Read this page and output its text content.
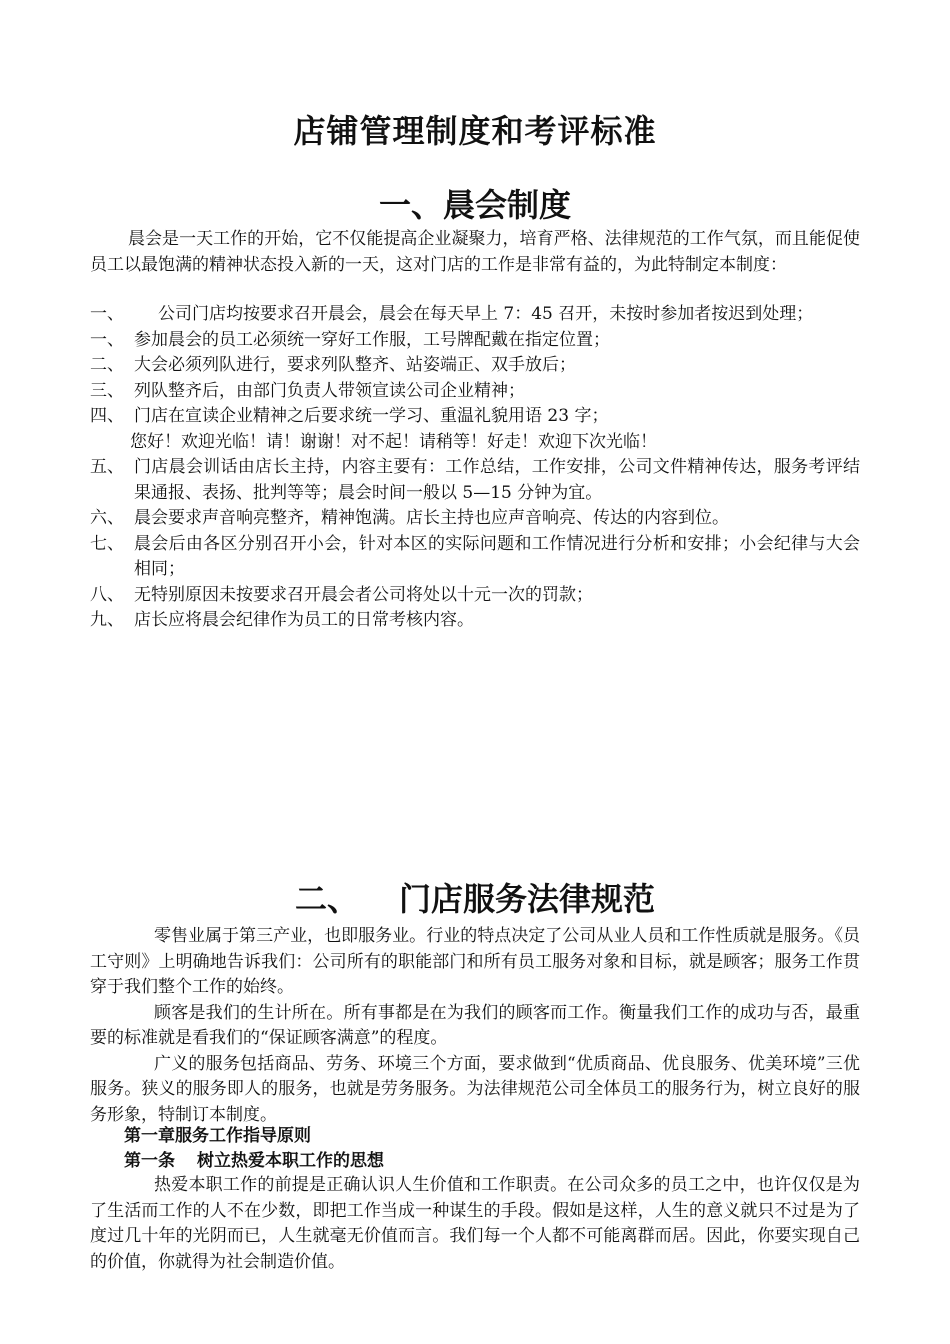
店铺管理制度和考评标准
一、晨会制度

晨会是一天工作的开始，它不仅能提高企业凝聚力，培育严格、法律规范的工作气氛，而且能促使员工以最饱满的精神状态投入新的一天，这对门店的工作是非常有益的，为此特制定本制度：

一、	公司门店均按要求召开晨会，晨会在每天早上 7：45 召开，未按时参加者按迟到处理；
一、 参加晨会的员工必须统一穿好工作服，工号牌配戴在指定位置；
二、 大会必须列队进行，要求列队整齐、站姿端正、双手放后；
三、 列队整齐后，由部门负责人带领宣读公司企业精神；
四、 门店在宣读企业精神之后要求统一学习、重温礼貌用语 23 字；
您好！欢迎光临！请！谢谢！对不起！请稍等！好走！欢迎下次光临！
五、 门店晨会训话由店长主持，内容主要有：工作总结，工作安排，公司文件精神传达，服务考评结果通报、表扬、批判等等；晨会时间一般以 5—15 分钟为宜。
六、 晨会要求声音响亮整齐，精神饱满。店长主持也应声音响亮、传达的内容到位。
七、 晨会后由各区分别召开小会，针对本区的实际问题和工作情况进行分析和安排；小会纪律与大会相同；
八、 无特别原因未按要求召开晨会者公司将处以十元一次的罚款；
九、 店长应将晨会纪律作为员工的日常考核内容。
二、 门店服务法律规范

零售业属于第三产业，也即服务业。行业的特点决定了公司从业人员和工作性质就是服务。《员工守则》上明确地告诉我们：公司所有的职能部门和所有员工服务对象和目标，就是顾客；服务工作贯穿于我们整个工作的始终。

顾客是我们的生计所在。所有事都是在为我们的顾客而工作。衡量我们工作的成功与否，最重要的标准就是看我们的“保证顾客满意”的程度。

广义的服务包括商品、劳务、环境三个方面，要求做到“优质商品、优良服务、优美环境”三优服务。狭义的服务即人的服务，也就是劳务服务。为法律规范公司全体员工的服务行为，树立良好的服务形象，特制订本制度。

第一章服务工作指导原则
第一条 树立热爱本职工作的思想

热爱本职工作的前提是正确认识人生价值和工作职责。在公司众多的员工之中，也许仅仅是为了生活而工作的人不在少数，即把工作当成一种谋生的手段。假如是这样，人生的意义就只不过是为了度过几十年的光阴而已，人生就毫无价值而言。我们每一个人都不可能离群而居。因此，你要实现自己的价值，你就得为社会制造价值。
